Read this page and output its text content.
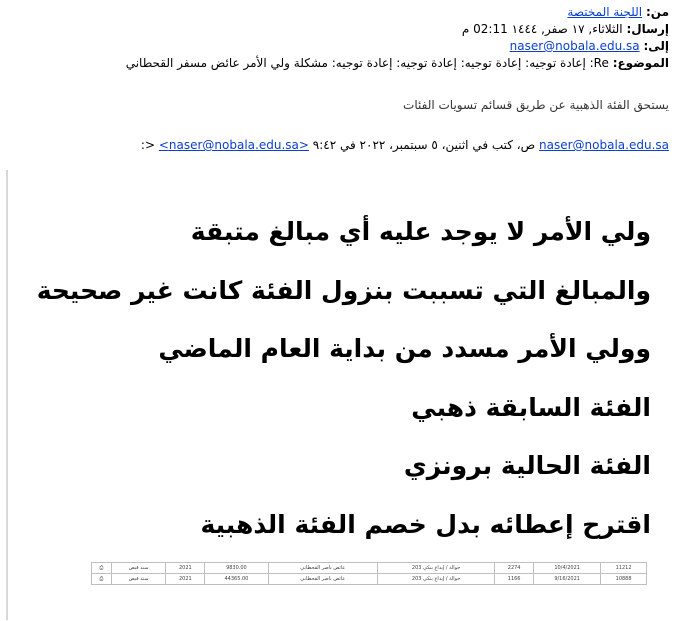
من: اللجنة المختصة
إرسال: الثلاثاء, ١٧ صفر, ١٤٤٤ 02:11 م
إلى: naser@nobala.edu.sa
الموضوع: Re: إعادة توجيه: إعادة توجيه: إعادة توجيه: إعادة توجيه: مشكلة ولي الأمر عائض مسفر القحطاني
يستحق الفئة الذهبية عن طريق قسائم تسويات الفئات
naser@nobala.edu.sa ص، كتب في اثنين، ٥ سبتمبر، ٢٠٢٢ في ٩:٤٢ <naser@nobala.edu.sa> <:
ولي الأمر لا يوجد عليه أي مبالغ متبقة
والمبالغ التي تسببت بنزول الفئة كانت غير صحيحة
وولي الأمر مسدد من بداية العام الماضي
الفئة السابقة ذهبي
الفئة الحالية برونزي
اقترح إعطائه بدل خصم الفئة الذهبية
11212	10/4/2021	2274	حوالة / إيداع بنكي 203	عائض ناصر القحطاني	9830.00	2021	سند قبض	⎙
10888	9/16/2021	1166	حوالة / إيداع بنكي 203	عائض ناصر القحطاني	44365.00	2021	سند قبض	⎙
